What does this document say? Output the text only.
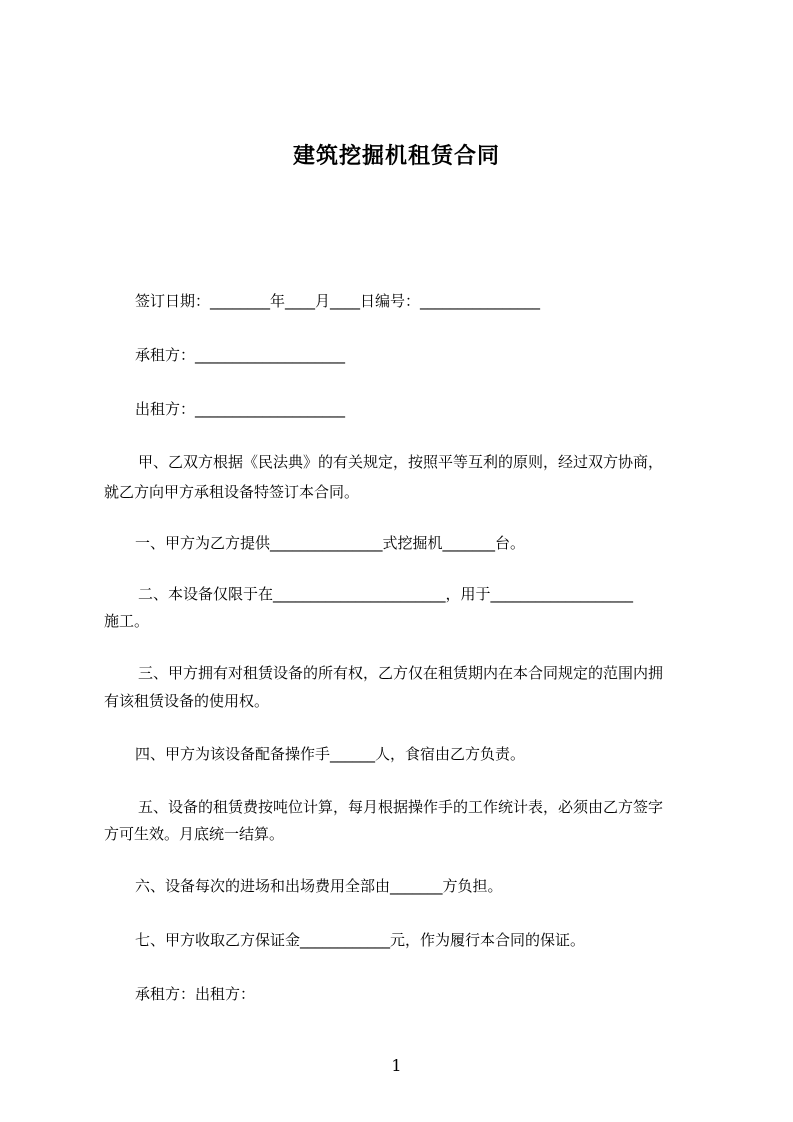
建筑挖掘机租赁合同
签订日期：________年____月____日编号：________________
承租方：____________________
出租方：____________________
甲、乙双方根据《民法典》的有关规定，按照平等互利的原则，经过双方协商，
就乙方向甲方承租设备特签订本合同。
一、甲方为乙方提供_______________式挖掘机_______台。
二、本设备仅限于在_______________________，用于___________________
施工。
三、甲方拥有对租赁设备的所有权，乙方仅在租赁期内在本合同规定的范围内拥
有该租赁设备的使用权。
四、甲方为该设备配备操作手______人，食宿由乙方负责。
五、设备的租赁费按吨位计算，每月根据操作手的工作统计表，必须由乙方签字
方可生效。月底统一结算。
六、设备每次的进场和出场费用全部由_______方负担。
七、甲方收取乙方保证金____________元，作为履行本合同的保证。
承租方：出租方：
1
